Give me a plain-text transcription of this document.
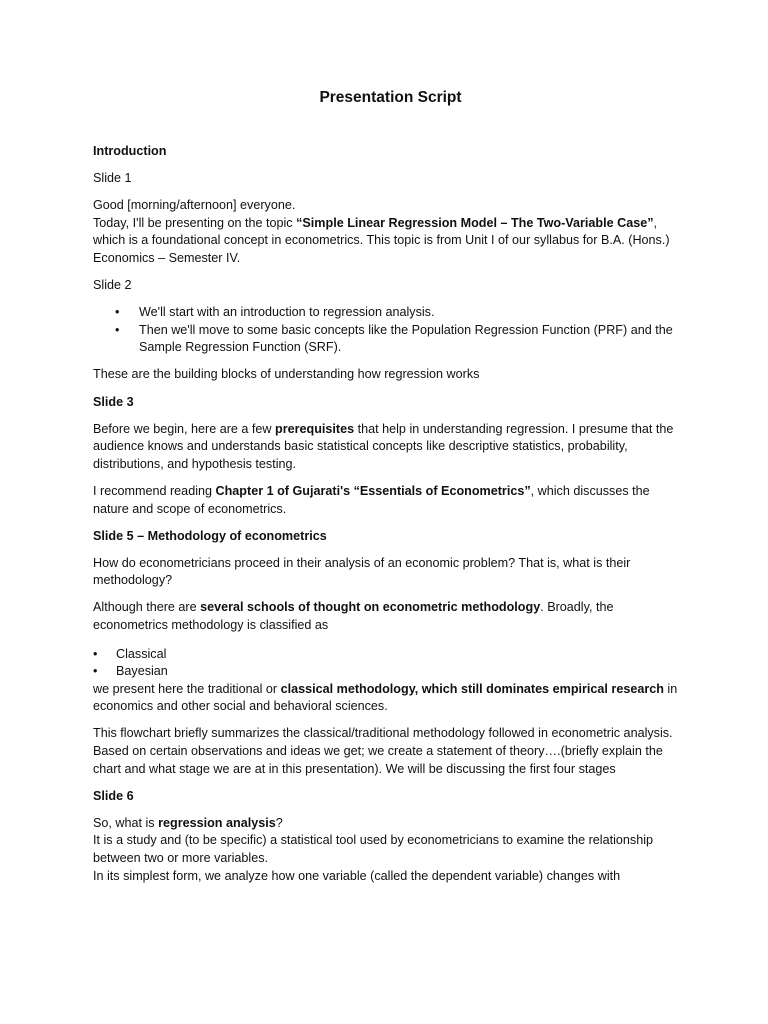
Presentation Script

Introduction

Slide 1

Good [morning/afternoon] everyone.
Today, I'll be presenting on the topic “Simple Linear Regression Model – The Two-Variable Case”, which is a foundational concept in econometrics. This topic is from Unit I of our syllabus for B.A. (Hons.) Economics – Semester IV.

Slide 2

• We'll start with an introduction to regression analysis.
• Then we'll move to some basic concepts like the Population Regression Function (PRF) and the Sample Regression Function (SRF).

These are the building blocks of understanding how regression works

Slide 3

Before we begin, here are a few prerequisites that help in understanding regression. I presume that the audience knows and understands basic statistical concepts like descriptive statistics, probability, distributions, and hypothesis testing.

I recommend reading Chapter 1 of Gujarati's “Essentials of Econometrics”, which discusses the nature and scope of econometrics.

Slide 5 – Methodology of econometrics

How do econometricians proceed in their analysis of an economic problem? That is, what is their methodology?

Although there are several schools of thought on econometric methodology. Broadly, the econometrics methodology is classified as

• Classical
• Bayesian

we present here the traditional or classical methodology, which still dominates empirical research in economics and other social and behavioral sciences.

This flowchart briefly summarizes the classical/traditional methodology followed in econometric analysis. Based on certain observations and ideas we get; we create a statement of theory….(briefly explain the chart and what stage we are at in this presentation). We will be discussing the first four stages

Slide 6

So, what is regression analysis?
It is a study and (to be specific) a statistical tool used by econometricians to examine the relationship between two or more variables.
In its simplest form, we analyze how one variable (called the dependent variable) changes with
